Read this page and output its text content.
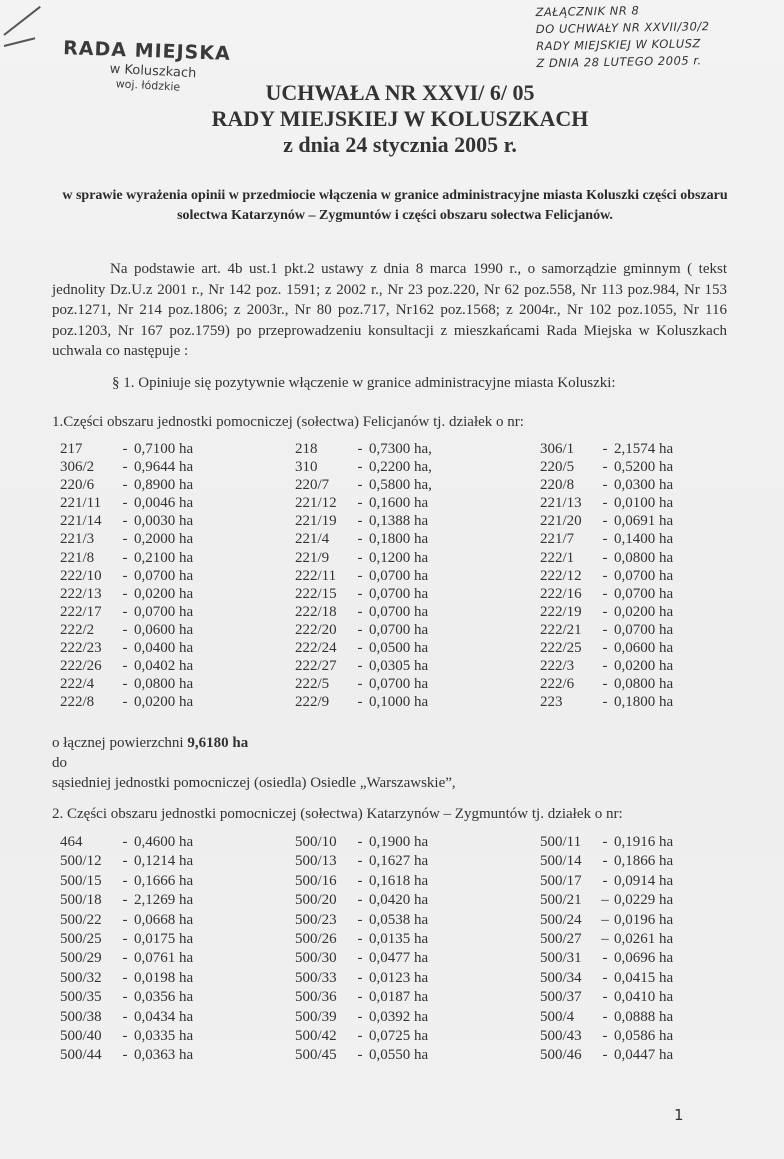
RADA MIEJSKA
w Koluszkach
woj. łódzkie
ZAŁĄCZNIK NR 8
DO UCHWAŁY NR XXVII/30/2
RADY MIEJSKIEJ W KOLUSZ
Z DNIA 28 LUTEGO 2005 r.
UCHWAŁA NR XXVI/ 6/ 05
RADY MIEJSKIEJ W KOLUSZKACH
z dnia 24 stycznia 2005 r.
w sprawie wyrażenia opinii w przedmiocie włączenia w granice administracyjne miasta Koluszki części obszaru solectwa Katarzynów – Zygmuntów i części obszaru sołectwa Felicjanów.
Na podstawie art. 4b ust.1 pkt.2 ustawy z dnia 8 marca 1990 r., o samorządzie gminnym ( tekst jednolity Dz.U.z 2001 r., Nr 142 poz. 1591; z 2002 r., Nr 23 poz.220, Nr 62 poz.558, Nr 113 poz.984, Nr 153 poz.1271, Nr 214 poz.1806; z 2003r., Nr 80 poz.717, Nr162 poz.1568; z 2004r., Nr 102 poz.1055, Nr 116 poz.1203, Nr 167 poz.1759) po przeprowadzeniu konsultacji z mieszkańcami Rada Miejska w Koluszkach uchwala co następuje :
§ 1. Opiniuje się pozytywnie włączenie w granice administracyjne miasta Koluszki:
1.Części obszaru jednostki pomocniczej (sołectwa) Felicjanów tj. działek o nr:
217	- 0,7100 ha	218	- 0,7300 ha,	306/1	- 2,1574 ha
306/2	- 0,9644 ha	310	- 0,2200 ha,	220/5	- 0,5200 ha
220/6	- 0,8900 ha	220/7	- 0,5800 ha,	220/8	- 0,0300 ha
221/11	- 0,0046 ha	221/12	- 0,1600 ha	221/13	- 0,0100 ha
221/14	- 0,0030 ha	221/19	- 0,1388 ha	221/20	- 0,0691 ha
221/3	- 0,2000 ha	221/4	- 0,1800 ha	221/7	- 0,1400 ha
221/8	- 0,2100 ha	221/9	- 0,1200 ha	222/1	- 0,0800 ha
222/10	- 0,0700 ha	222/11	- 0,0700 ha	222/12	- 0,0700 ha
222/13	- 0,0200 ha	222/15	- 0,0700 ha	222/16	- 0,0700 ha
222/17	- 0,0700 ha	222/18	- 0,0700 ha	222/19	- 0,0200 ha
222/2	- 0,0600 ha	222/20	- 0,0700 ha	222/21	- 0,0700 ha
222/23	- 0,0400 ha	222/24	- 0,0500 ha	222/25	- 0,0600 ha
222/26	- 0,0402 ha	222/27	- 0,0305 ha	222/3	- 0,0200 ha
222/4	- 0,0800 ha	222/5	- 0,0700 ha	222/6	- 0,0800 ha
222/8	- 0,0200 ha	222/9	- 0,1000 ha	223	- 0,1800 ha
o łącznej powierzchni 9,6180 ha
do
sąsiedniej jednostki pomocniczej (osiedla) Osiedle „Warszawskie”,
2. Części obszaru jednostki pomocniczej (sołectwa) Katarzynów – Zygmuntów tj. działek o nr:
464	- 0,4600 ha	500/10	- 0,1900 ha	500/11	- 0,1916 ha
500/12	- 0,1214 ha	500/13	- 0,1627 ha	500/14	- 0,1866 ha
500/15	- 0,1666 ha	500/16	- 0,1618 ha	500/17	- 0,0914 ha
500/18	- 2,1269 ha	500/20	- 0,0420 ha	500/21	– 0,0229 ha
500/22	- 0,0668 ha	500/23	- 0,0538 ha	500/24	– 0,0196 ha
500/25	- 0,0175 ha	500/26	- 0,0135 ha	500/27	– 0,0261 ha
500/29	- 0,0761 ha	500/30	- 0,0477 ha	500/31	- 0,0696 ha
500/32	- 0,0198 ha	500/33	- 0,0123 ha	500/34	- 0,0415 ha
500/35	- 0,0356 ha	500/36	- 0,0187 ha	500/37	- 0,0410 ha
500/38	- 0,0434 ha	500/39	- 0,0392 ha	500/4	- 0,0888 ha
500/40	- 0,0335 ha	500/42	- 0,0725 ha	500/43	- 0,0586 ha
500/44	- 0,0363 ha	500/45	- 0,0550 ha	500/46	- 0,0447 ha
1
